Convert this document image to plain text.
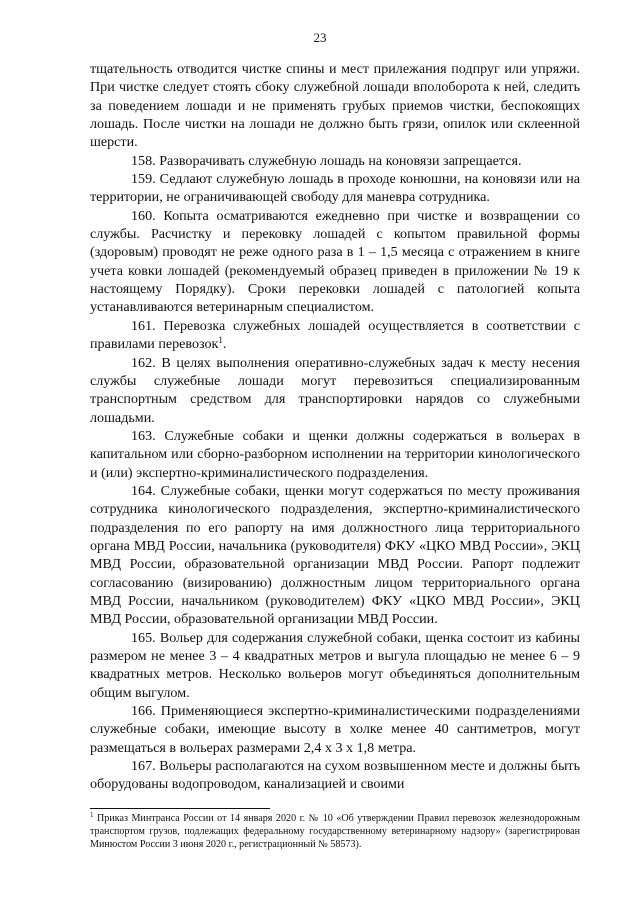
23

тщательность отводится чистке спины и мест прилежания подпруг или упряжи. При чистке следует стоять сбоку служебной лошади вполоборота к ней, следить за поведением лошади и не применять грубых приемов чистки, беспокоящих лошадь. После чистки на лошади не должно быть грязи, опилок или склеенной шерсти.

158. Разворачивать служебную лошадь на коновязи запрещается.

159. Седлают служебную лошадь в проходе конюшни, на коновязи или на территории, не ограничивающей свободу для маневра сотрудника.

160. Копыта осматриваются ежедневно при чистке и возвращении со службы. Расчистку и перековку лошадей с копытом правильной формы (здоровым) проводят не реже одного раза в 1 – 1,5 месяца с отражением в книге учета ковки лошадей (рекомендуемый образец приведен в приложении № 19 к настоящему Порядку). Сроки перековки лошадей с патологией копыта устанавливаются ветеринарным специалистом.

161. Перевозка служебных лошадей осуществляется в соответствии с правилами перевозок$^1$.

162. В целях выполнения оперативно-служебных задач к месту несения службы служебные лошади могут перевозиться специализированным транспортным средством для транспортировки нарядов со служебными лошадьми.

163. Служебные собаки и щенки должны содержаться в вольерах в капитальном или сборно-разборном исполнении на территории кинологического и (или) экспертно-криминалистического подразделения.

164. Служебные собаки, щенки могут содержаться по месту проживания сотрудника кинологического подразделения, экспертно-криминалистического подразделения по его рапорту на имя должностного лица территориального органа МВД России, начальника (руководителя) ФКУ «ЦКО МВД России», ЭКЦ МВД России, образовательной организации МВД России. Рапорт подлежит согласованию (визированию) должностным лицом территориального органа МВД России, начальником (руководителем) ФКУ «ЦКО МВД России», ЭКЦ МВД России, образовательной организации МВД России.

165. Вольер для содержания служебной собаки, щенка состоит из кабины размером не менее 3 – 4 квадратных метров и выгула площадью не менее 6 – 9 квадратных метров. Несколько вольеров могут объединяться дополнительным общим выгулом.

166. Применяющиеся экспертно-криминалистическими подразделениями служебные собаки, имеющие высоту в холке менее 40 сантиметров, могут размещаться в вольерах размерами 2,4 х 3 х 1,8 метра.

167. Вольеры располагаются на сухом возвышенном месте и должны быть оборудованы водопроводом, канализацией и своими

$^1$ Приказ Минтранса России от 14 января 2020 г. № 10 «Об утверждении Правил перевозок железнодорожным транспортом грузов, подлежащих федеральному государственному ветеринарному надзору» (зарегистрирован Минюстом России 3 июня 2020 г., регистрационный № 58573).
